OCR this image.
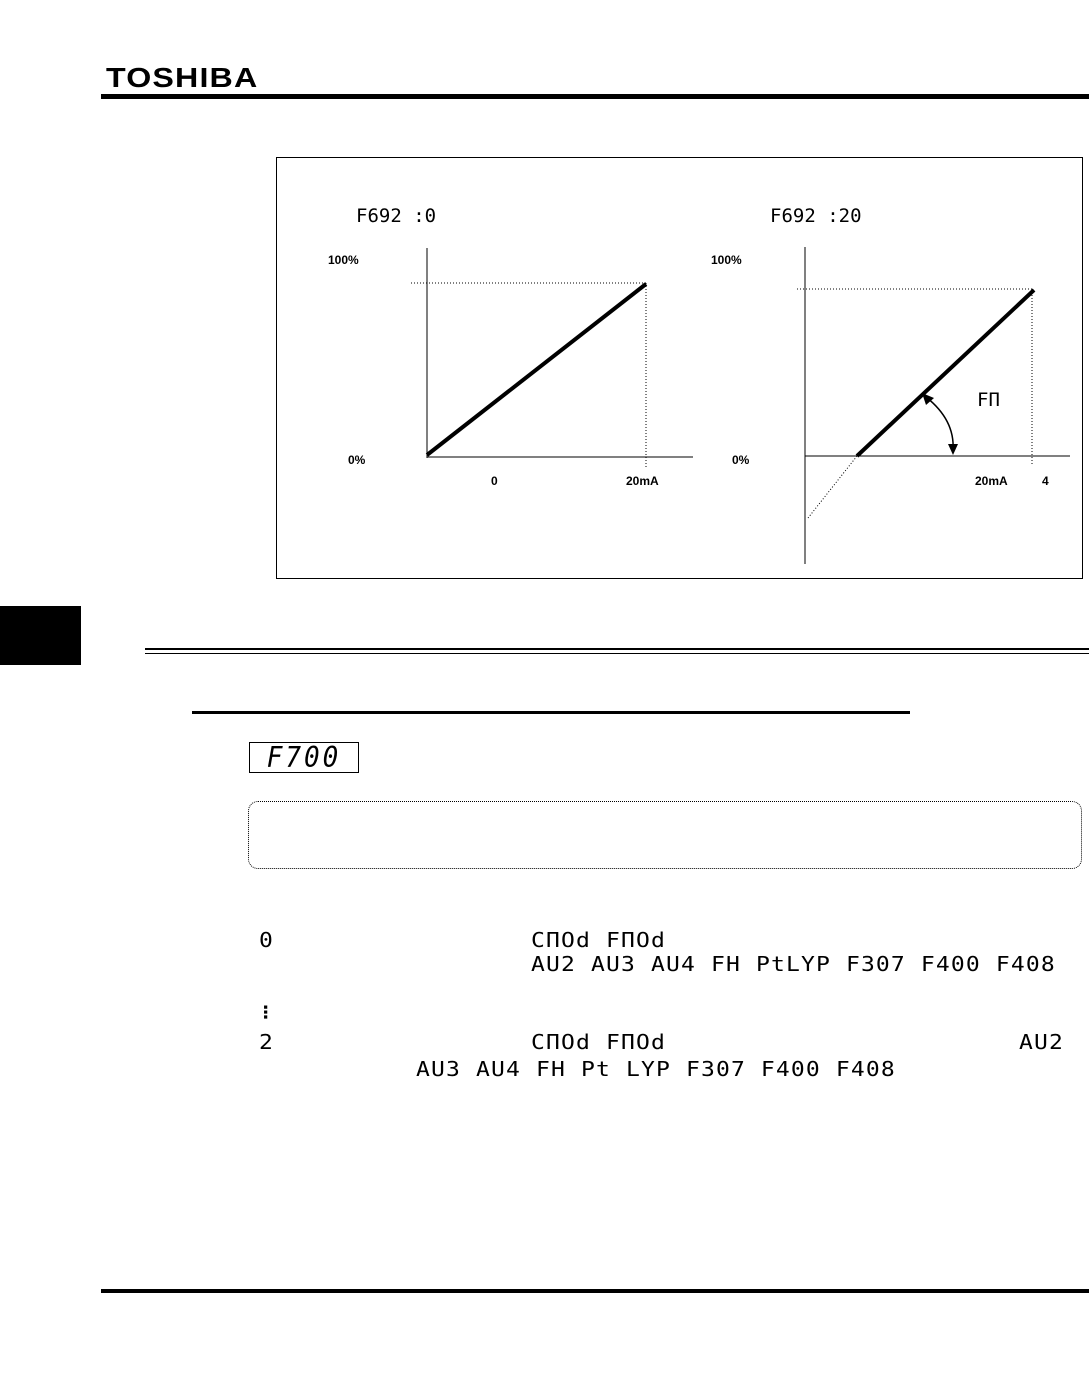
TOSHIBA
F692 :0
100%
0%
0	20mA
F692 :20
100%
0%
20mA	4
FΠ
F700
0	CΠOd FΠOd
AU2 AU3 AU4 FH PtLYP F307 F400 F408
⁝
2	CΠOd FΠOd	AU2
AU3 AU4 FH Pt LYP F307 F400 F408
